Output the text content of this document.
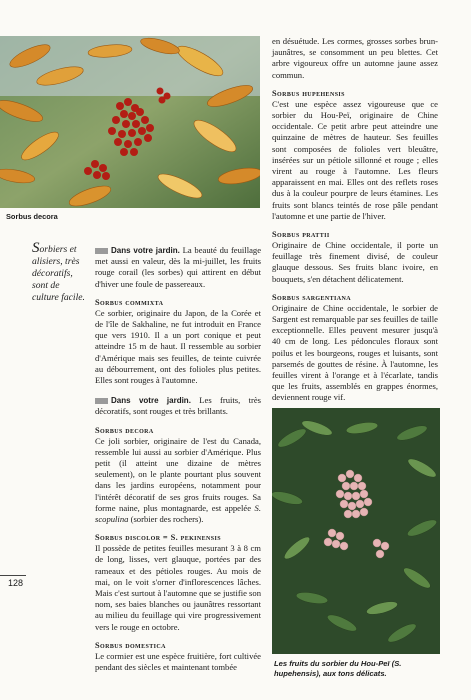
Sorbus decora
Sorbiers et alisiers, très décoratifs, sont de culture facile.

Dans votre jardin. La beauté du feuillage met aussi en valeur, dès la mi-juillet, les fruits rouge corail (les sorbes) qui attirent en début d'hiver une foule de passereaux.

Sorbus commixta

Ce sorbier, originaire du Japon, de la Corée et de l'île de Sakhaline, ne fut introduit en France que vers 1910. Il a un port conique et peut atteindre 15 m de haut. Il ressemble au sorbier d'Amérique mais ses feuilles, de teinte cuivrée au débourrement, ont des folioles plus petites. Elles sont rouges à l'automne.

Dans votre jardin. Les fruits, très décoratifs, sont rouges et très brillants.

Sorbus decora

Ce joli sorbier, originaire de l'est du Canada, ressemble lui aussi au sorbier d'Amérique. Plus petit (il atteint une dizaine de mètres seulement), on le plante pourtant plus souvent dans les jardins européens, notamment pour l'intérêt décoratif de ses gros fruits rouges. Sa forme naine, plus montagnarde, est appelée S. scopulina (sorbier des rochers).

Sorbus discolor = S. pekinensis

Il possède de petites feuilles mesurant 3 à 8 cm de long, lisses, vert glauque, portées par des rameaux et des pétioles rouges. Au mois de mai, on le voit s'orner d'inflorescences lâches. Mais c'est surtout à l'automne que se justifie son nom, ses baies blanches ou jaunâtres ressortant au milieu du feuillage qui vire progressivement vers le rouge en octobre.

Sorbus domestica

Le cormier est une espèce fruitière, fort cultivée pendant des siècles et maintenant tombée

128

en désuétude. Les cormes, grosses sorbes brun-jaunâtres, se consomment un peu blettes. Cet arbre vigoureux offre un automne jaune assez commun.

Sorbus hupehensis

C'est une espèce assez vigoureuse que ce sorbier du Hou-Peï, originaire de Chine occidentale. Ce petit arbre peut atteindre une quinzaine de mètres de hauteur. Ses feuilles sont composées de folioles vert bleuâtre, insérées sur un pétiole sillonné et rouge ; elles virent au rouge à l'automne. Les fleurs apparaissent en mai. Elles ont des reflets roses dus à la couleur pourpre de leurs étamines. Les fruits sont blancs teintés de rose pâle pendant l'automne et une partie de l'hiver.

Sorbus prattii

Originaire de Chine occidentale, il porte un feuillage très finement divisé, de couleur glauque dessous. Ses fruits blanc ivoire, en bouquets, s'en détachent délicatement.

Sorbus sargentiana

Originaire de Chine occidentale, le sorbier de Sargent est remarquable par ses feuilles de taille exceptionnelle. Elles peuvent mesurer jusqu'à 40 cm de long. Les pédoncules floraux sont poilus et les bourgeons, rouges et luisants, sont parsemés de gouttes de résine. À l'automne, les feuilles virent à l'orange et à l'écarlate, tandis que les fruits, assemblés en grappes énormes, deviennent rouge vif.

Les fruits du sorbier du Hou-Peï (S. hupehensis), aux tons délicats.
